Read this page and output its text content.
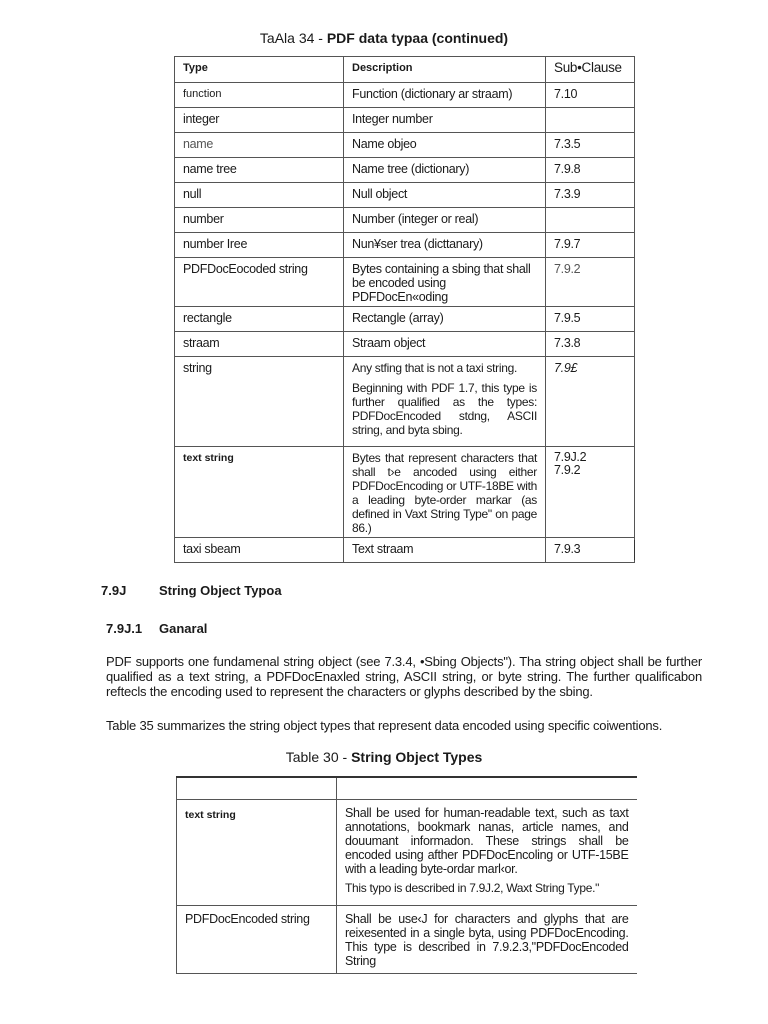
TaAla 34 - PDF data typaa (continued)
Type	Description	Sub•Clause
function	Function (dictionary ar straam)	7.10
integer	Integer number	
name	Name objeo	7.3.5
name tree	Name tree (dictionary)	7.9.8
null	Null object	7.3.9
number	Number (integer or real)	
number Iree	Nun¥ser trea (dicttanary)	7.9.7
PDFDocEocoded string	Bytes containing a sbing that shall be encoded using PDFDocEn«oding	7.9.2
rectangle	Rectangle (array)	7.9.5
straam	Straam object	7.3.8
string	Any stfing that is not a taxi string.
Beginning with PDF 1.7, this type is further qualified as the types: PDFDocEncoded stdng, ASCII string, and byta sbing.	7.9£
text string	Bytes that represent characters that shall t›e ancoded using either PDFDocEncoding or UTF-18BE with a leading byte-order markar (as defined in Vaxt String Type" on page 86.)	7.9J.2
7.9.2

taxi sbeam	Text straam	7.9.3
7.9J	String Object Typoa
7.9J.1 Ganaral
PDF supports one fundamenal string object (see 7.3.4, •Sbing Objects"). Tha string object shall be further qualified as a text string, a PDFDocEnaxled string, ASCII string, or byte string. The further qualificabon reftecls the encoding used to represent the characters or glyphs described by the sbing.
Table 35 summarizes the string object types that represent data encoded using specific coiwentions.
Table 30 - String Object Types

text string	Shall be used for human-readable text, such as taxt annotations, bookmark nanas, article names, and douumant informadon. These strings shall be encoded using afther PDFDocEncoling or UTF-15BE with a leading byte-ordar marl‹or.
This typo is described in 7.9J.2, Waxt String Type."

PDFDocEncoded string	Shall be use‹J for characters and glyphs that are reixesented in a single byta, using PDFDocEncoding. This type is described in 7.9.2.3,"PDFDocEncoded String
